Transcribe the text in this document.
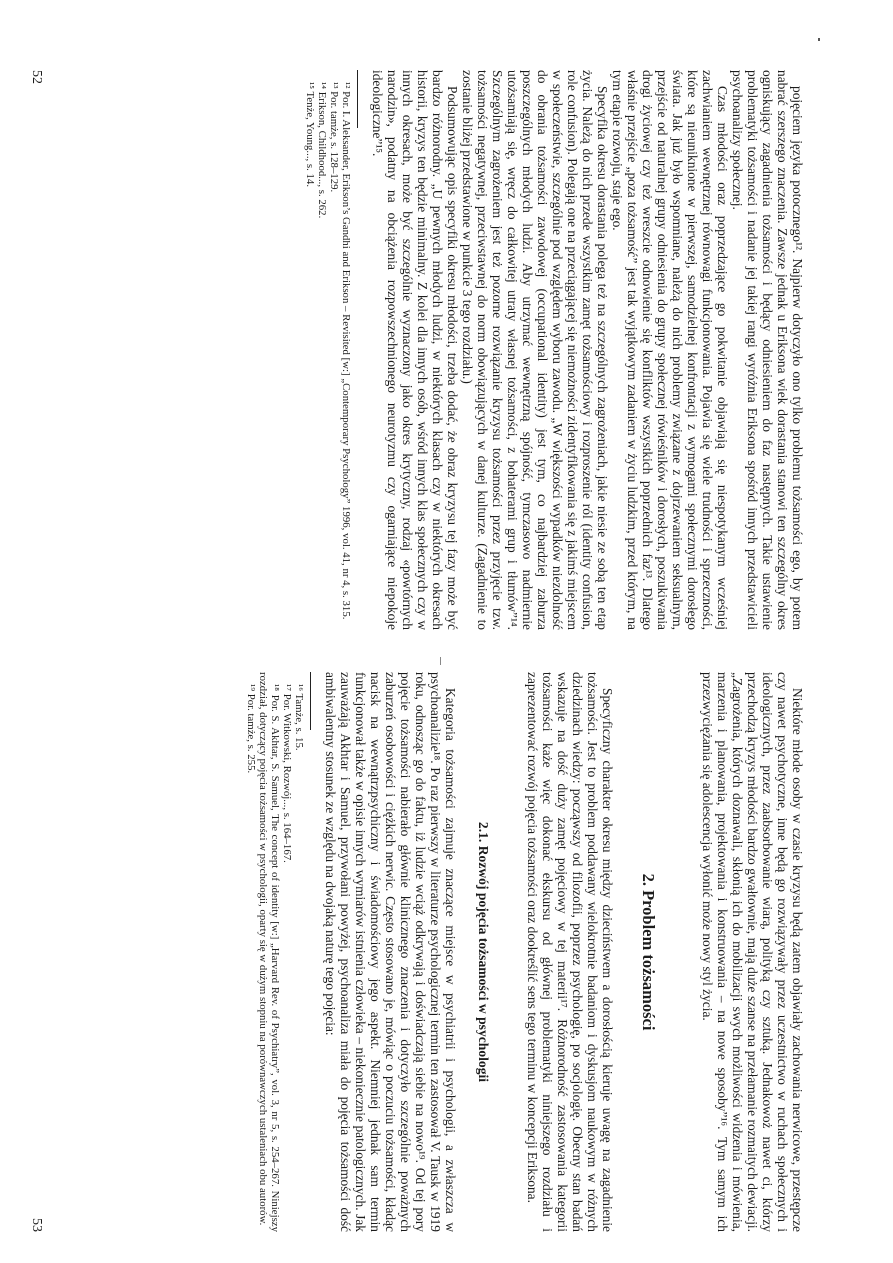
pojęciem języka potocznego¹². Najpierw dotyczyło ono tylko problemu tożsamości ego, by potem nabrać szerszego znaczenia. Zawsze jednak u Eriksona wiek dorastania stanowi ten szczególny okres ogniskujący zagadnienia tożsamości i będący odniesieniem do faz następnych. Takie ustawienie problematyki tożsamości i nadanie jej takiej rangi wyróżnia Eriksona spośród innych przedstawicieli psychoanalizy społecznej.

Czas młodości oraz poprzedzające go pokwitanie objawiają się niespotykanym wcześniej zachwianiem wewnętrznej równowagi funkcjonowania. Pojawia się wiele trudności i sprzeczności, które są nieuniknione w pierwszej, samodzielnej konfrontacji z wymogami społecznymi dorosłego świata. Jak już było wspomniane, należą do nich problemy związane z dojrzewaniem seksualnym, przejście od naturalnej grupy odniesienia do grupy społecznej rówieśników i dorosłych, poszukiwania drogi życiowej czy też wreszcie odnowienie się konfliktów wszystkich poprzednich faz¹³. Dlatego właśnie przejście „poza tożsamość” jest tak wyjątkowym zadaniem w życiu ludzkim, przed którym, na tym etapie rozwoju, staje ego.

Specyfika okresu dorastania polega też na szczególnych zagrożeniach, jakie niesie ze sobą ten etap życia. Należą do nich przede wszystkim zamęt tożsamościowy i rozproszenie ról (identity confusion, role confusion). Polegają one na przeciągającej się niemożności zidentyfikowania się z jakimś miejscem w społeczeństwie, szczególnie pod względem wyboru zawodu. „W większości wypadków niezdolność do obrania tożsamości zawodowej (occupational identity) jest tym, co najbardziej zaburza poszczególnych młodych ludzi. Aby utrzymać wewnętrzną spójność, tymczasowo nadmiernie utożsamiają się, wręcz do całkowitej utraty własnej tożsamości, z bohaterami grup i tłumów”¹⁴. Szczególnym zagrożeniem jest też pozorne rozwiązanie kryzysu tożsamości przez przyjęcie tzw. tożsamości negatywnej, przeciwstawnej do norm obowiązujących w danej kulturze. (Zagadnienie to zostanie bliżej przedstawione w punkcie 3 tego rozdziału.)

Podsumowując opis specyfiki okresu młodości, trzeba dodać, że obraz kryzysu tej fazy może być bardzo różnorodny. „U pewnych młodych ludzi, w niektórych klasach czy w niektórych okresach historii, kryzys ten będzie minimalny. Z kolei dla innych osób, wśród innych klas społecznych czy w innych okresach, może być szczególnie wyznaczony jako okres krytyczny, rodzaj «powtórnych narodzin», podatny na obciążenia rozpowszechnionego neurotyzmu czy ogarniające niepokoje ideologiczne”¹⁵.

¹² Por. I. Aleksander, Erikson’s Gandhi and Erikson – Revisited [w:] „Contemporary Psychology” 1996, vol. 41, nr 4, s. 315.

¹³ Por. tamże, s. 128–129.

¹⁴ Erikson, Childhood..., s. 262.

¹⁵ Tenże, Young..., s. 14.

52

Niektóre młode osoby w czasie kryzysu będą zatem objawiały zachowania nerwicowe, przestępcze czy nawet psychotyczne, inne będą go rozwiązywały przez uczestnictwo w ruchach społecznych i ideologicznych, przez zaabsorbowanie wiarą, polityką czy sztuką. Jednakowoż nawet ci, którzy przechodzą kryzys młodości bardzo gwałtownie, mają duże szanse na przełamanie rozmaitych dewiacji. „Zagrożenia, których doznawali, skłonią ich do mobilizacji swych możliwości widzenia i mówienia, marzenia i planowania, projektowania i konstruowania – na nowe sposoby”¹⁶. Tym samym ich przezwyciężania się adolescencja wyłonić może nowy styl życia.

2. Problem tożsamości

Specyficzny charakter okresu między dzieciństwem a dorosłością kieruje uwagę na zagadnienie tożsamości. Jest to problem poddawany wielokrotnie badaniom i dyskusjom naukowym w różnych dziedzinach wiedzy: począwszy od filozofii, poprzez psychologię, po socjologię. Obecny stan badań wskazuje na dość duży zamęt pojęciowy w tej materii¹⁷. Różnorodność zastosowania kategorii tożsamości każe więc dokonać ekskursu od głównej problematyki niniejszego rozdziału i zaprezentować rozwój pojęcia tożsamości oraz dookreślić sens tego terminu w koncepcji Eriksona.

2.1. Rozwój pojęcia tożsamości w psychologii

Kategoria tożsamości zajmuje znaczące miejsce w psychiatrii i psychologii, a zwłaszcza w psychoanalizie¹⁸. Po raz pierwszy w literaturze psychologicznej termin ten zastosował V. Tausk w 1919 roku, odnosząc go do faktu, iż ludzie wciąż odkrywają i doświadczają siebie na nowo¹⁹. Od tej pory pojęcie tożsamości nabierało głównie klinicznego znaczenia i dotyczyło szczególnie poważnych zaburzeń osobowości i ciężkich nerwic. Często stosowano je, mówiąc o poczuciu tożsamości, kładąc nacisk na wewnątrzpsychiczny i świadomościowy jego aspekt. Niemniej jednak sam termin funkcjonował także w opisie innych wymiarów istnienia człowieka – niekoniecznie patologicznych. Jak zauważają Akhtar i Samuel, przywołani powyżej, psychoanaliza miała do pojęcia tożsamości dość ambiwalentny stosunek ze względu na dwojaką naturę tego pojęcia:

¹⁶ Tamże, s. 15.

¹⁷ Por. Witkowski, Rozwój..., s. 164–167.

¹⁸ Por. S. Akhtar, S. Samuel, The concept of identity [w:] „Harvard Rev. of Psychiatry”, vol. 3, nr 5, s. 254–267. Niniejszy rozdział, dotyczący pojęcia tożsamości w psychologii, oparty się w dużym stopniu na porównawczych ustaleniach obu autorów.

¹⁹ Por. tamże, s. 255.

53
